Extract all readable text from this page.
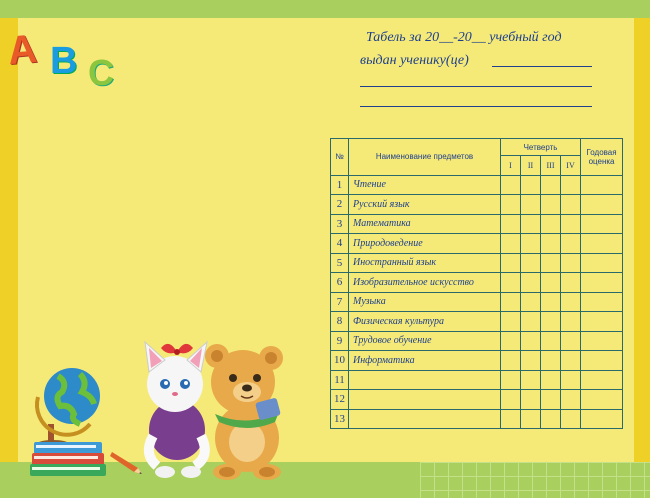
A B C
Табель за 20__-20__ учебный год
выдан ученику(це)
№	Наименование предметов	Четверть				Годовая оценка
		I	II	III	IV	
1	Чтение					
2	Русский язык					
3	Математика					
4	Природоведение					
5	Иностранный язык					
6	Изобразительное искусство					
7	Музыка					
8	Физическая культура					
9	Трудовое обучение					
10	Информатика					
11						
12						
13						
